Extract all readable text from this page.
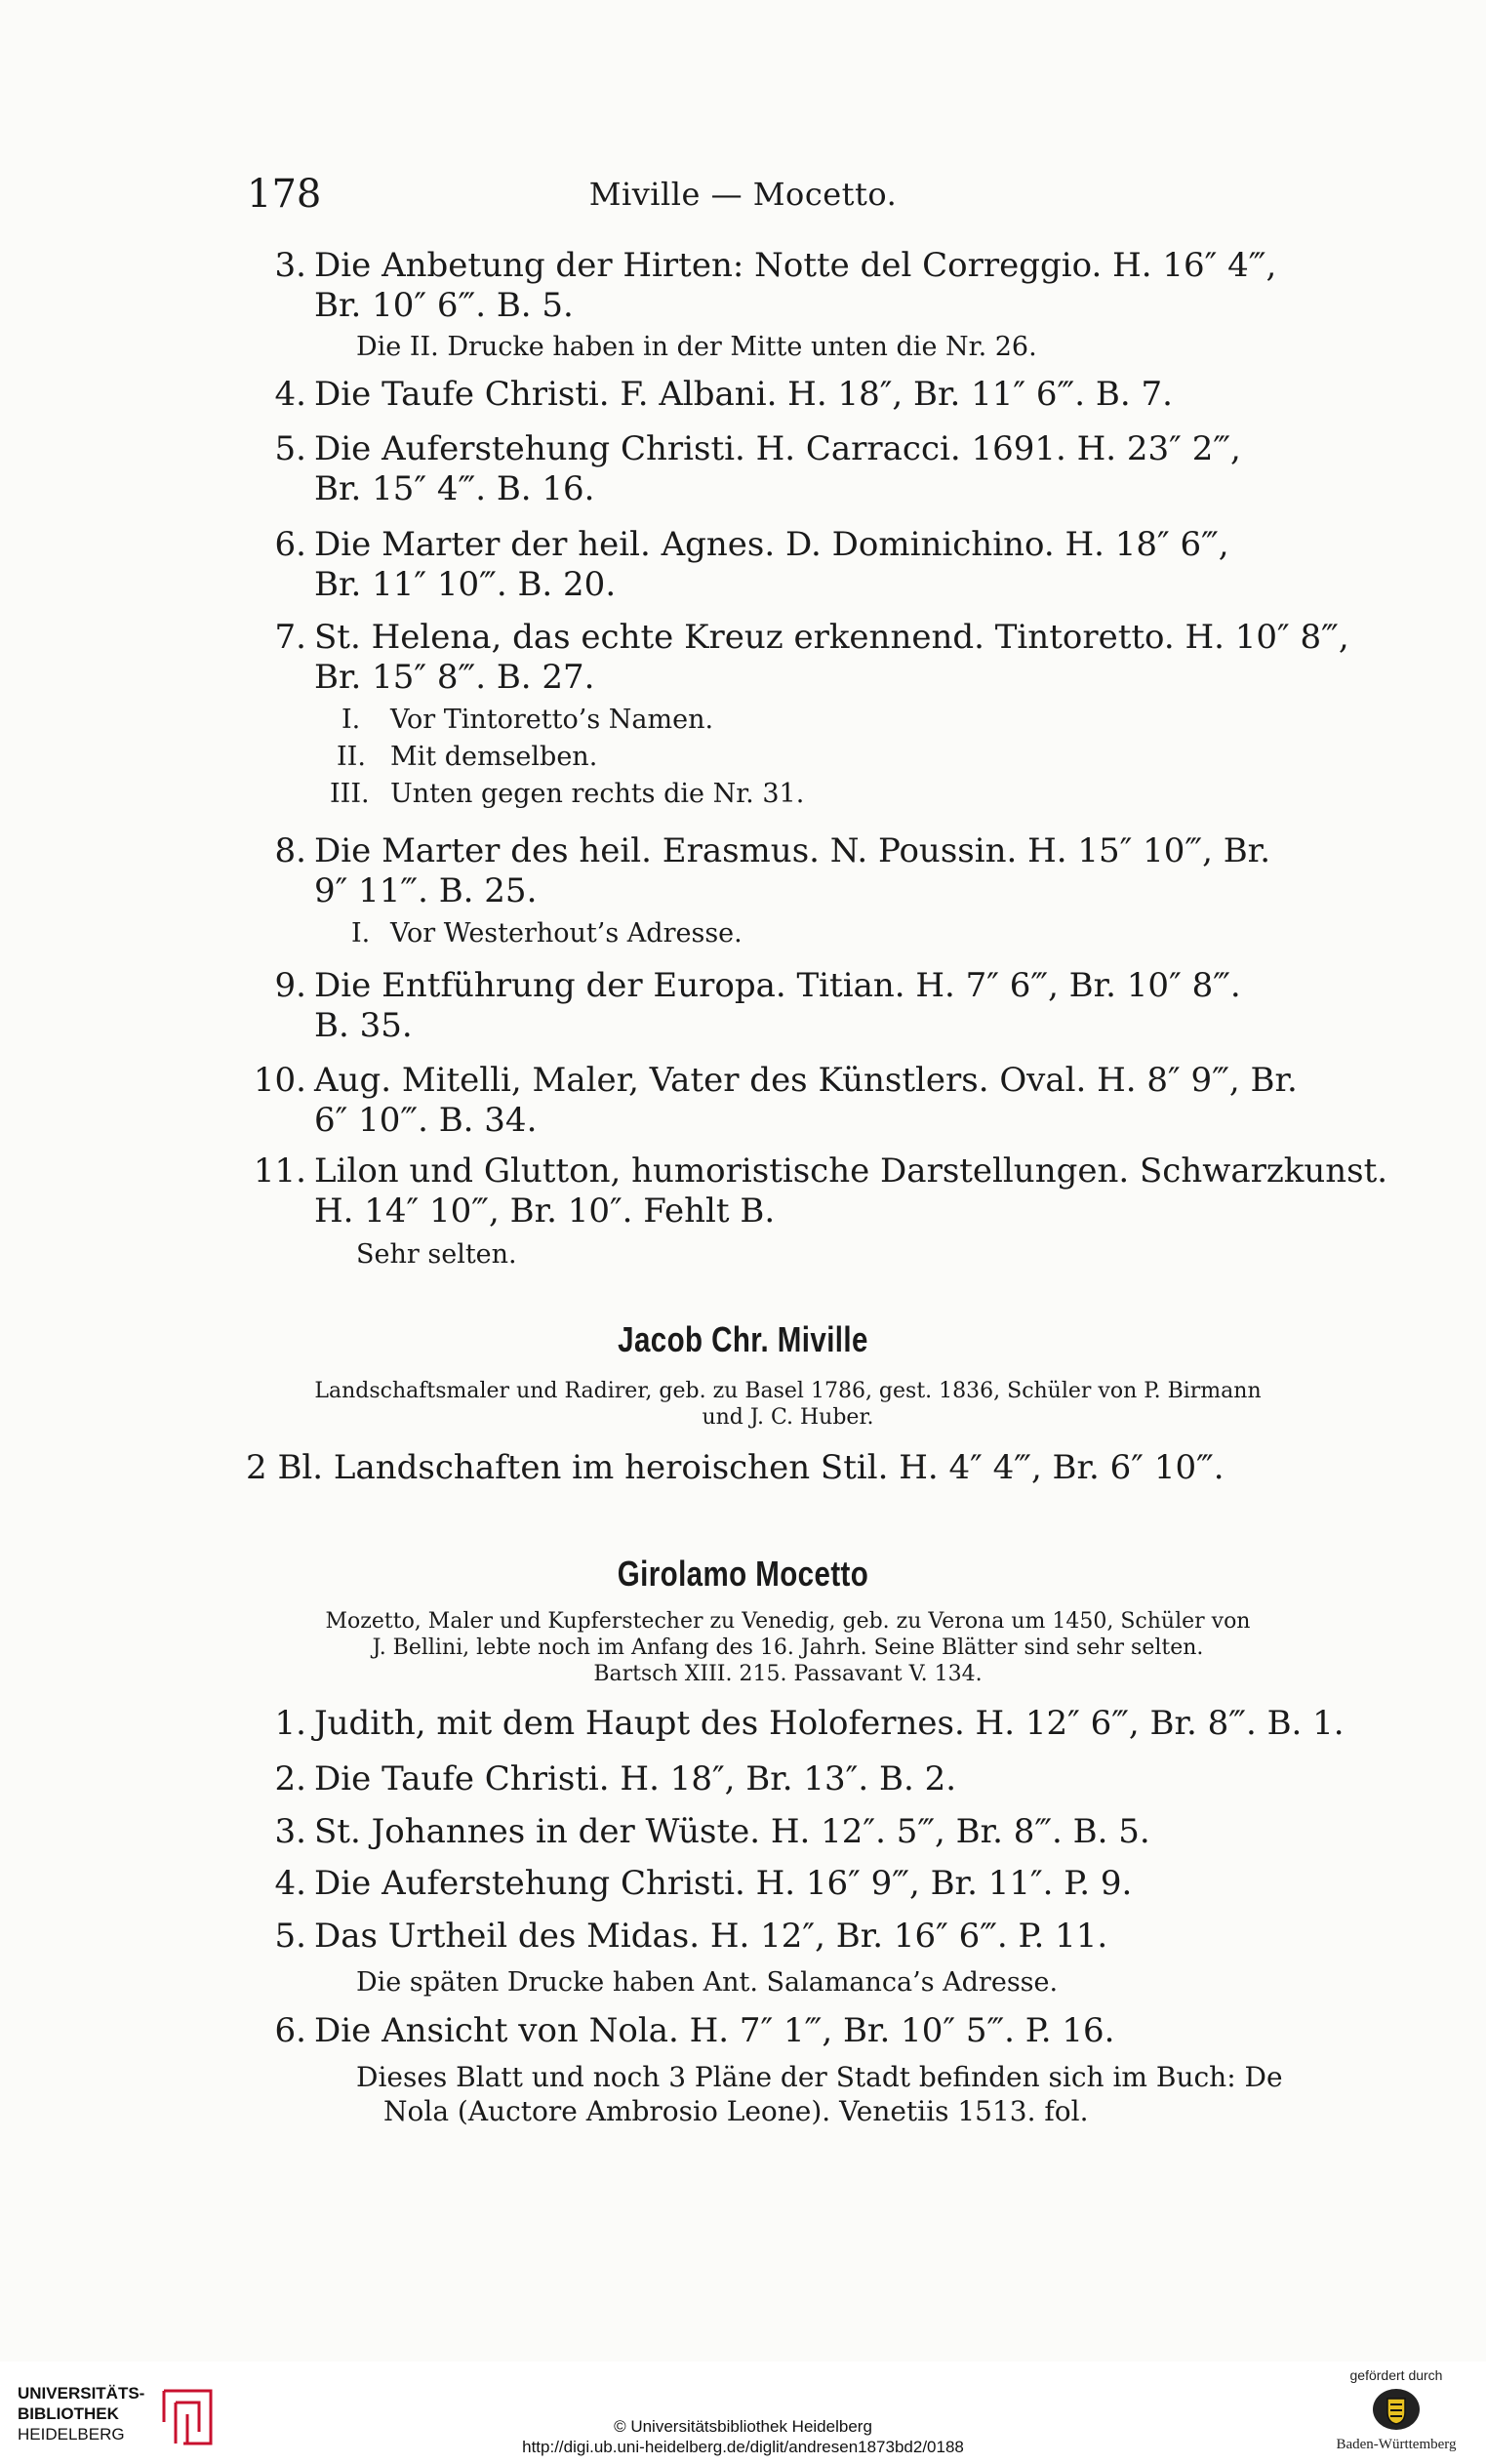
178	Miville — Mocetto.
3. Die Anbetung der Hirten: Notte del Correggio. H. 16″ 4‴,
Br. 10″ 6‴. B. 5.
Die II. Drucke haben in der Mitte unten die Nr. 26.
4. Die Taufe Christi. F. Albani. H. 18″, Br. 11″ 6‴. B. 7.
5. Die Auferstehung Christi. H. Carracci. 1691. H. 23″ 2‴,
Br. 15″ 4‴. B. 16.
6. Die Marter der heil. Agnes. D. Dominichino. H. 18″ 6‴,
Br. 11″ 10‴. B. 20.
7. St. Helena, das echte Kreuz erkennend. Tintoretto. H. 10″ 8‴,
Br. 15″ 8‴. B. 27.
I. Vor Tintoretto’s Namen.
II. Mit demselben.
III. Unten gegen rechts die Nr. 31.
8. Die Marter des heil. Erasmus. N. Poussin. H. 15″ 10‴, Br.
9″ 11‴. B. 25.
I. Vor Westerhout’s Adresse.
9. Die Entführung der Europa. Titian. H. 7″ 6‴, Br. 10″ 8‴.
B. 35.
10. Aug. Mitelli, Maler, Vater des Künstlers. Oval. H. 8″ 9‴, Br.
6″ 10‴. B. 34.
11. Lilon und Glutton, humoristische Darstellungen. Schwarzkunst.
H. 14″ 10‴, Br. 10″. Fehlt B.
Sehr selten.
Jacob Chr. Miville
Landschaftsmaler und Radirer, geb. zu Basel 1786, gest. 1836, Schüler von P. Birmann
und J. C. Huber.
2 Bl. Landschaften im heroischen Stil. H. 4″ 4‴, Br. 6″ 10‴.
Girolamo Mocetto
Mozetto, Maler und Kupferstecher zu Venedig, geb. zu Verona um 1450, Schüler von
J. Bellini, lebte noch im Anfang des 16. Jahrh. Seine Blätter sind sehr selten.
Bartsch XIII. 215. Passavant V. 134.
1. Judith, mit dem Haupt des Holofernes. H. 12″ 6‴, Br. 8‴. B. 1.
2. Die Taufe Christi. H. 18″, Br. 13″. B. 2.
3. St. Johannes in der Wüste. H. 12″. 5‴, Br. 8‴. B. 5.
4. Die Auferstehung Christi. H. 16″ 9‴, Br. 11″. P. 9.
5. Das Urtheil des Midas. H. 12″, Br. 16″ 6‴. P. 11.
Die späten Drucke haben Ant. Salamanca’s Adresse.
6. Die Ansicht von Nola. H. 7″ 1‴, Br. 10″ 5‴. P. 16.
Dieses Blatt und noch 3 Pläne der Stadt befinden sich im Buch: De
Nola (Auctore Ambrosio Leone). Venetiis 1513. fol.
UNIVERSITÄTS-
BIBLIOTHEK
HEIDELBERG	© Universitätsbibliothek Heidelberg
http://digi.ub.uni-heidelberg.de/diglit/andresen1873bd2/0188
gefördert durch
Baden-Württemberg
